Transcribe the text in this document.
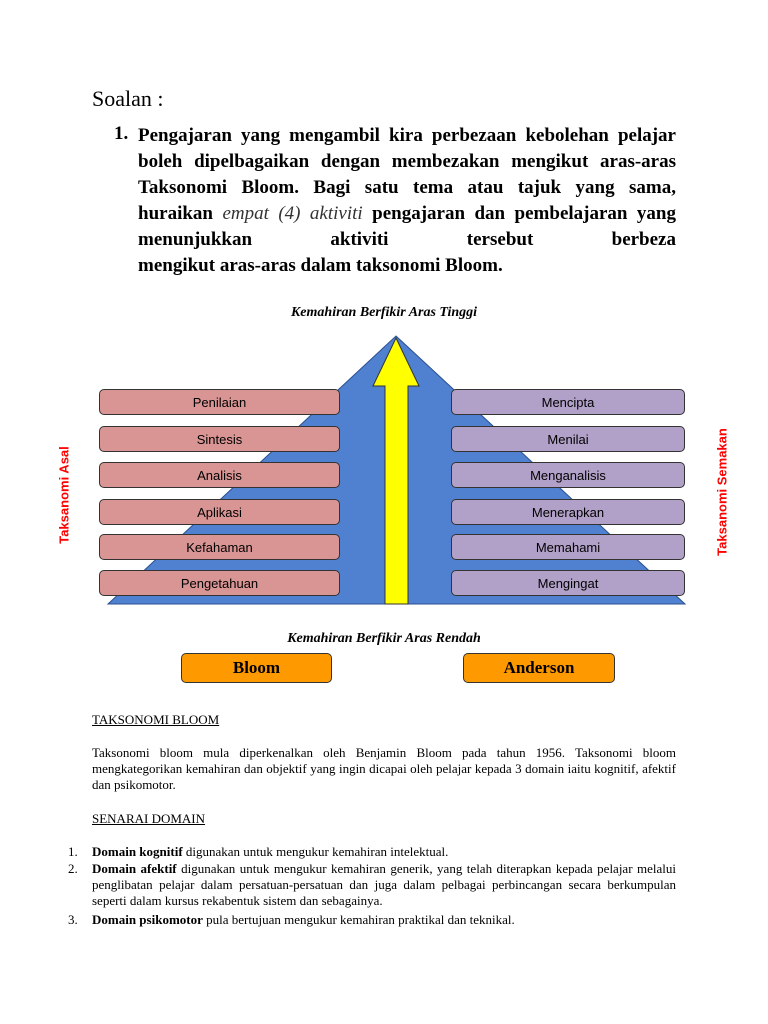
Soalan :
1. Pengajaran yang mengambil kira perbezaan kebolehan pelajar boleh dipelbagaikan dengan membezakan mengikut aras-aras Taksonomi Bloom. Bagi satu tema atau tajuk yang sama, huraikan empat (4) aktiviti pengajaran dan pembelajaran yang menunjukkan aktiviti tersebut berbeza
mengikut aras-aras dalam taksonomi Bloom.
Kemahiran Berfikir Aras Tinggi
Penilaian
Sintesis
Analisis
Aplikasi
Kefahaman
Pengetahuan
Mencipta
Menilai
Menganalisis
Menerapkan
Memahami
Mengingat
Taksanomi Asal	Taksanomi Semakan
Kemahiran Berfikir Aras Rendah
Bloom	Anderson
TAKSONOMI BLOOM
Taksonomi bloom mula diperkenalkan oleh Benjamin Bloom pada tahun 1956. Taksonomi bloom mengkategorikan kemahiran dan objektif yang ingin dicapai oleh pelajar kepada 3 domain iaitu kognitif, afektif dan psikomotor.
SENARAI DOMAIN
1. Domain kognitif digunakan untuk mengukur kemahiran intelektual.
2. Domain afektif digunakan untuk mengukur kemahiran generik, yang telah diterapkan kepada pelajar melalui penglibatan pelajar dalam persatuan-persatuan dan juga dalam pelbagai perbincangan secara berkumpulan seperti dalam kursus rekabentuk sistem dan sebagainya.
3. Domain psikomotor pula bertujuan mengukur kemahiran praktikal dan teknikal.
